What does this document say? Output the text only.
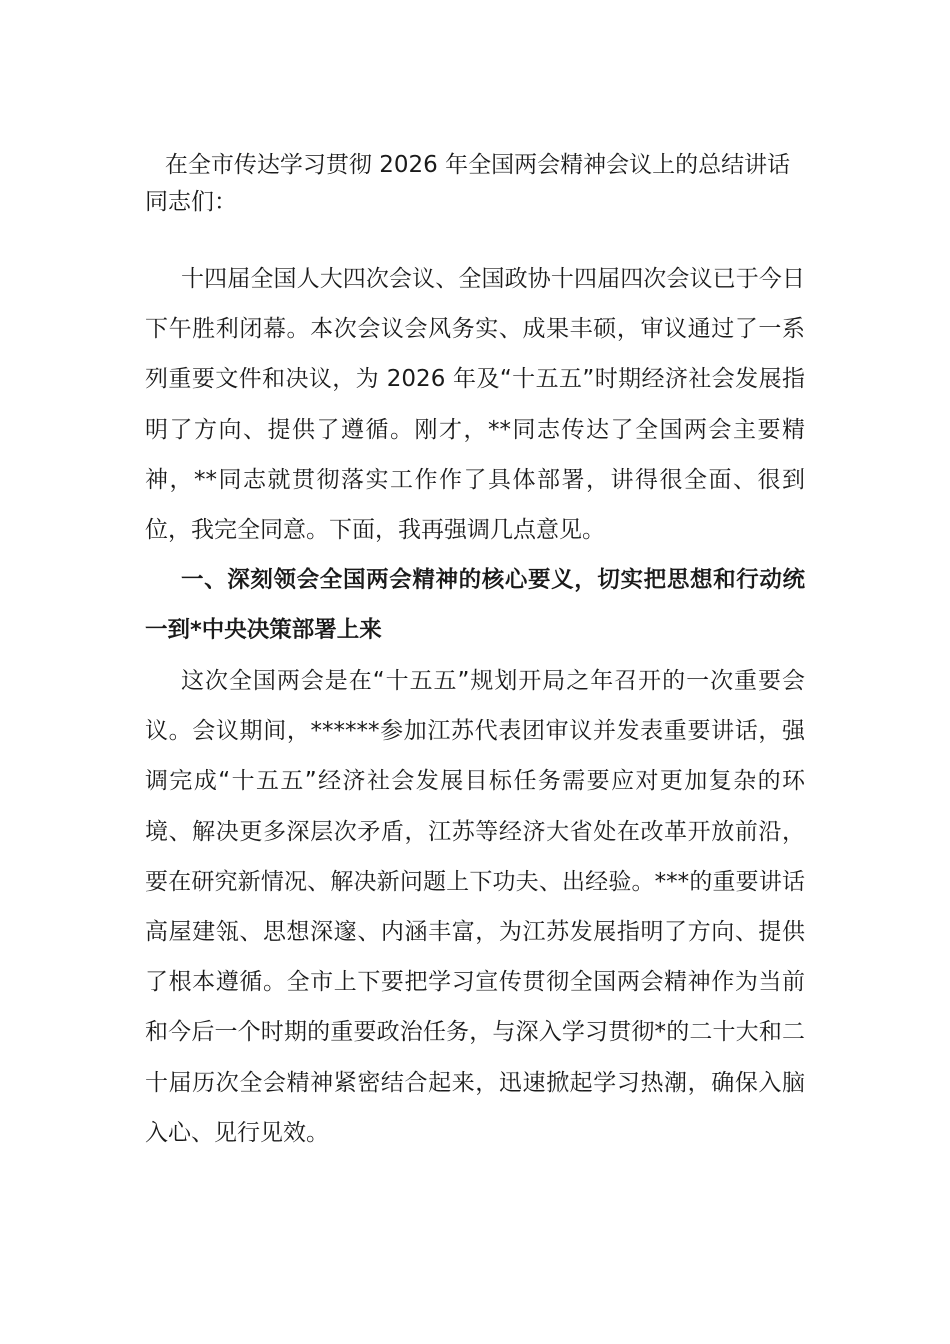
在全市传达学习贯彻 2026 年全国两会精神会议上的总结讲话

同志们：

十四届全国人大四次会议、全国政协十四届四次会议已于今日下午胜利闭幕。本次会议会风务实、成果丰硕，审议通过了一系列重要文件和决议，为 2026 年及“十五五”时期经济社会发展指明了方向、提供了遵循。刚才，**同志传达了全国两会主要精神，**同志就贯彻落实工作作了具体部署，讲得很全面、很到位，我完全同意。下面，我再强调几点意见。

一、深刻领会全国两会精神的核心要义，切实把思想和行动统一到*中央决策部署上来

这次全国两会是在“十五五”规划开局之年召开的一次重要会议。会议期间，******参加江苏代表团审议并发表重要讲话，强调完成“十五五”经济社会发展目标任务需要应对更加复杂的环境、解决更多深层次矛盾，江苏等经济大省处在改革开放前沿，要在研究新情况、解决新问题上下功夫、出经验。***的重要讲话高屋建瓴、思想深邃、内涵丰富，为江苏发展指明了方向、提供了根本遵循。全市上下要把学习宣传贯彻全国两会精神作为当前和今后一个时期的重要政治任务，与深入学习贯彻*的二十大和二十届历次全会精神紧密结合起来，迅速掀起学习热潮，确保入脑入心、见行见效。
